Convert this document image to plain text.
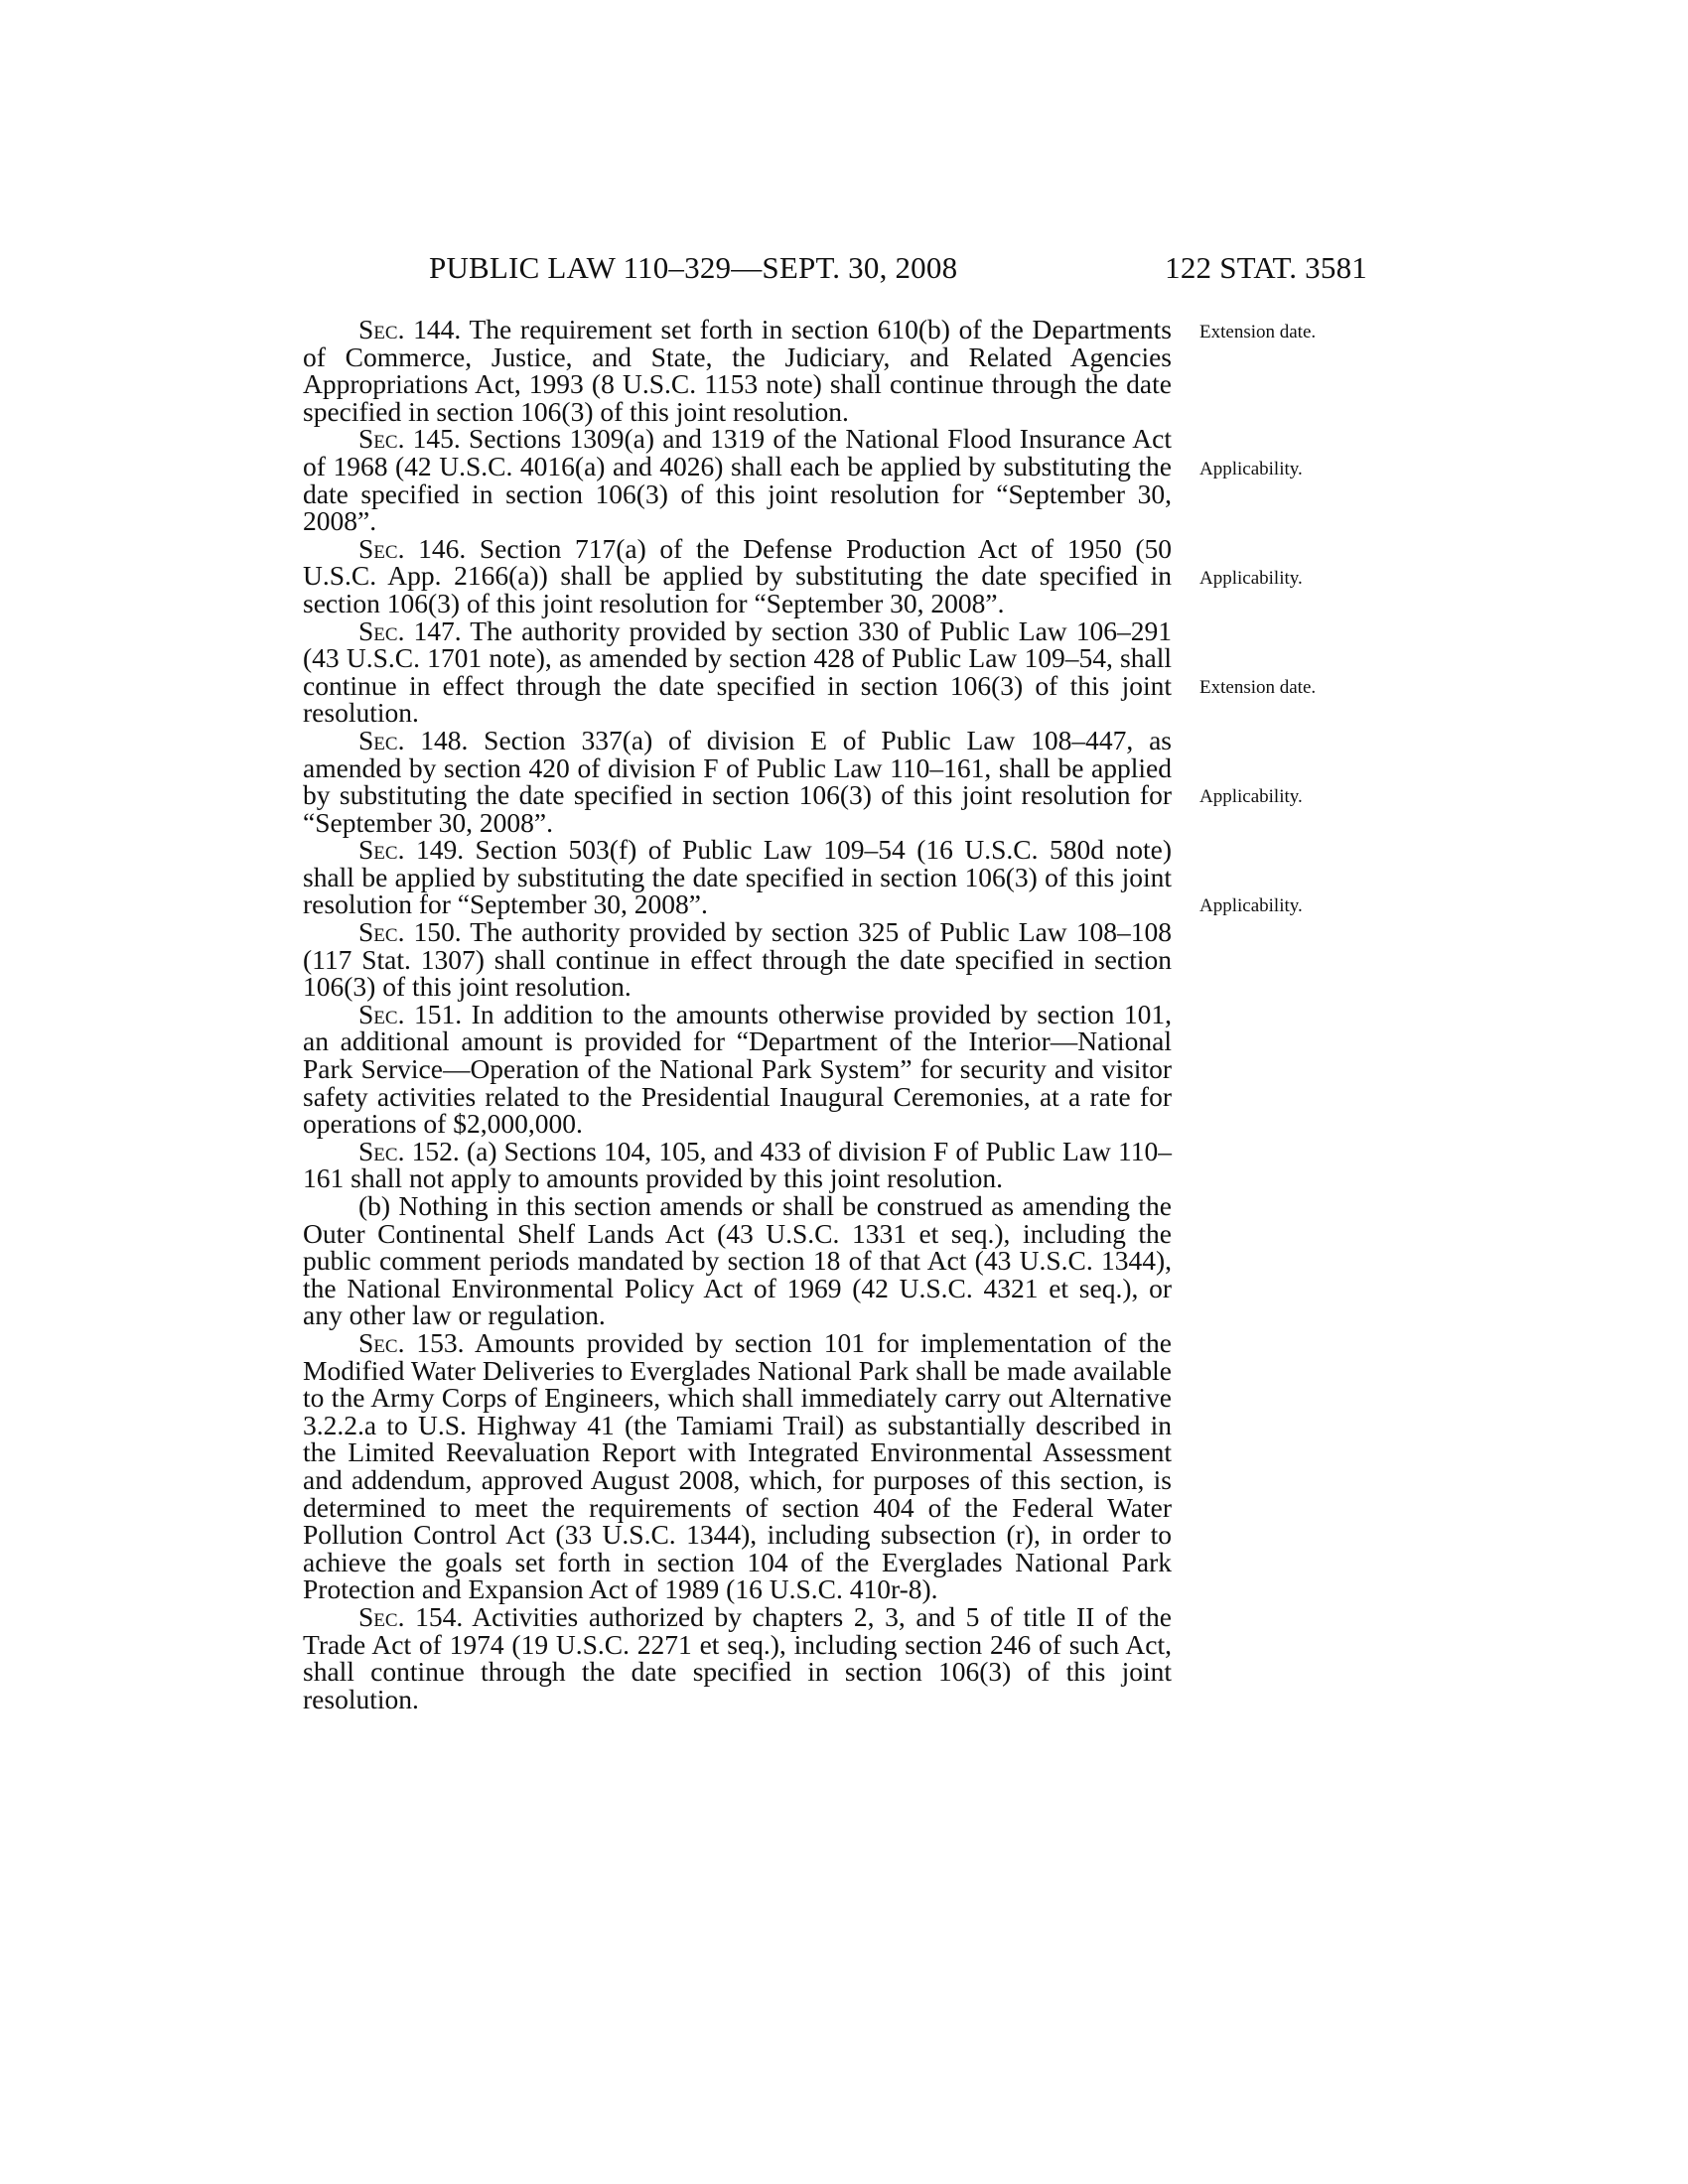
PUBLIC LAW 110–329—SEPT. 30, 2008	122 STAT. 3581

Sec. 144. The requirement set forth in section 610(b) of the Departments of Commerce, Justice, and State, the Judiciary, and Related Agencies Appropriations Act, 1993 (8 U.S.C. 1153 note) shall continue through the date specified in section 106(3) of this joint resolution.

Sec. 145. Sections 1309(a) and 1319 of the National Flood Insurance Act of 1968 (42 U.S.C. 4016(a) and 4026) shall each be applied by substituting the date specified in section 106(3) of this joint resolution for “September 30, 2008”.

Sec. 146. Section 717(a) of the Defense Production Act of 1950 (50 U.S.C. App. 2166(a)) shall be applied by substituting the date specified in section 106(3) of this joint resolution for “September 30, 2008”.

Sec. 147. The authority provided by section 330 of Public Law 106–291 (43 U.S.C. 1701 note), as amended by section 428 of Public Law 109–54, shall continue in effect through the date specified in section 106(3) of this joint resolution.

Sec. 148. Section 337(a) of division E of Public Law 108–447, as amended by section 420 of division F of Public Law 110–161, shall be applied by substituting the date specified in section 106(3) of this joint resolution for “September 30, 2008”.

Sec. 149. Section 503(f) of Public Law 109–54 (16 U.S.C. 580d note) shall be applied by substituting the date specified in section 106(3) of this joint resolution for “September 30, 2008”.

Sec. 150. The authority provided by section 325 of Public Law 108–108 (117 Stat. 1307) shall continue in effect through the date specified in section 106(3) of this joint resolution.

Sec. 151. In addition to the amounts otherwise provided by section 101, an additional amount is provided for “Department of the Interior—National Park Service—Operation of the National Park System” for security and visitor safety activities related to the Presidential Inaugural Ceremonies, at a rate for operations of $2,000,000.

Sec. 152. (a) Sections 104, 105, and 433 of division F of Public Law 110–161 shall not apply to amounts provided by this joint resolution.

(b) Nothing in this section amends or shall be construed as amending the Outer Continental Shelf Lands Act (43 U.S.C. 1331 et seq.), including the public comment periods mandated by section 18 of that Act (43 U.S.C. 1344), the National Environmental Policy Act of 1969 (42 U.S.C. 4321 et seq.), or any other law or regulation.

Sec. 153. Amounts provided by section 101 for implementation of the Modified Water Deliveries to Everglades National Park shall be made available to the Army Corps of Engineers, which shall immediately carry out Alternative 3.2.2.a to U.S. Highway 41 (the Tamiami Trail) as substantially described in the Limited Reevaluation Report with Integrated Environmental Assessment and addendum, approved August 2008, which, for purposes of this section, is determined to meet the requirements of section 404 of the Federal Water Pollution Control Act (33 U.S.C. 1344), including subsection (r), in order to achieve the goals set forth in section 104 of the Everglades National Park Protection and Expansion Act of 1989 (16 U.S.C. 410r-8).

Sec. 154. Activities authorized by chapters 2, 3, and 5 of title II of the Trade Act of 1974 (19 U.S.C. 2271 et seq.), including section 246 of such Act, shall continue through the date specified in section 106(3) of this joint resolution.

Extension date.
Applicability.
Applicability.
Extension date.
Applicability.
Applicability.
